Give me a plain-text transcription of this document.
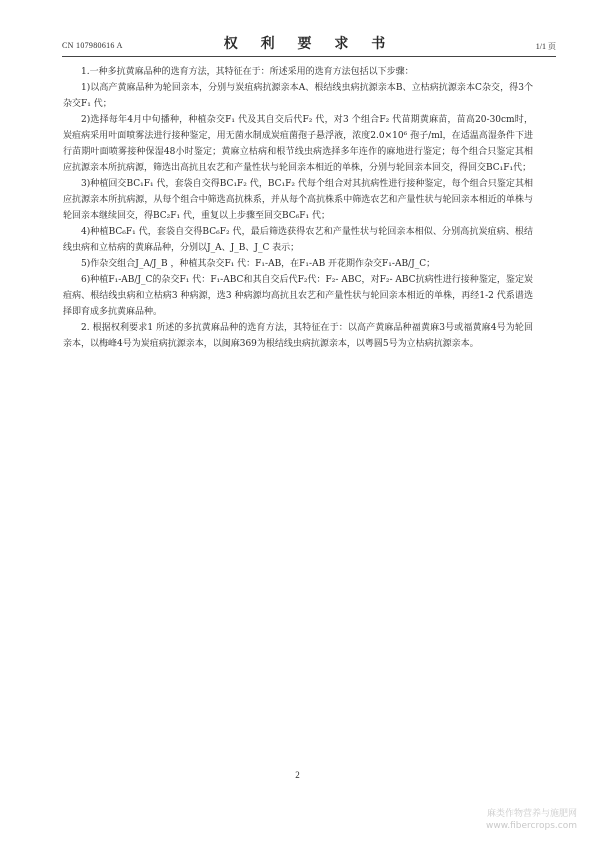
CN 107980616 A	权 利 要 求 书	1/1 页

1.一种多抗黄麻品种的选育方法，其特征在于：所述采用的选育方法包括以下步骤：

1)以高产黄麻品种为轮回亲本，分别与炭疽病抗源亲本A、根结线虫病抗源亲本B、立枯病抗源亲本C杂交，得3个杂交F₁ 代；

2)选择每年4月中旬播种，种植杂交F₁ 代及其自交后代F₂ 代，对3 个组合F₂ 代苗期黄麻苗，苗高20-30cm时，炭疽病采用叶面喷雾法进行接种鉴定，用无菌水制成炭疽菌孢子悬浮液，浓度2.0×10⁶ 孢子/ml，在适温高湿条件下进行苗期叶面喷雾接种保湿48小时鉴定；黄麻立枯病和根节线虫病选择多年连作的麻地进行鉴定；每个组合只鉴定其相应抗源亲本所抗病源，筛选出高抗且农艺和产量性状与轮回亲本相近的单株，分别与轮回亲本回交，得回交BC₁F₁代；

3)种植回交BC₁F₁ 代，套袋自交得BC₁F₂ 代，BC₁F₂ 代每个组合对其抗病性进行接种鉴定，每个组合只鉴定其相应抗源亲本所抗病源，从每个组合中筛选高抗株系，并从每个高抗株系中筛选农艺和产量性状与轮回亲本相近的单株与轮回亲本继续回交，得BC₂F₁ 代，重复以上步骤至回交BC₆F₁ 代；

4)种植BC₆F₁ 代，套袋自交得BC₆F₂ 代，最后筛选获得农艺和产量性状与轮回亲本相似、分别高抗炭疽病、根结线虫病和立枯病的黄麻品种，分别以J_A、J_B、J_C 表示；

5)作杂交组合J_A/J_B ，种植其杂交F₁ 代：F₁-AB，在F₁-AB 开花期作杂交F₁-AB/J_C；

6)种植F₁-AB/J_C的杂交F₁ 代：F₁-ABC和其自交后代F₂代：F₂- ABC，对F₂- ABC抗病性进行接种鉴定，鉴定炭疽病、根结线虫病和立枯病3 种病源，选3 种病源均高抗且农艺和产量性状与轮回亲本相近的单株，再经1-2 代系谱选择即育成多抗黄麻品种。

2. 根据权利要求1 所述的多抗黄麻品种的选育方法，其特征在于：以高产黄麻品种福黄麻3号或福黄麻4号为轮回亲本，以梅峰4号为炭疽病抗源亲本，以闽麻369为根结线虫病抗源亲本，以粤圆5号为立枯病抗源亲本。

2
麻类作物营养与施肥网
www.fibercrops.com
